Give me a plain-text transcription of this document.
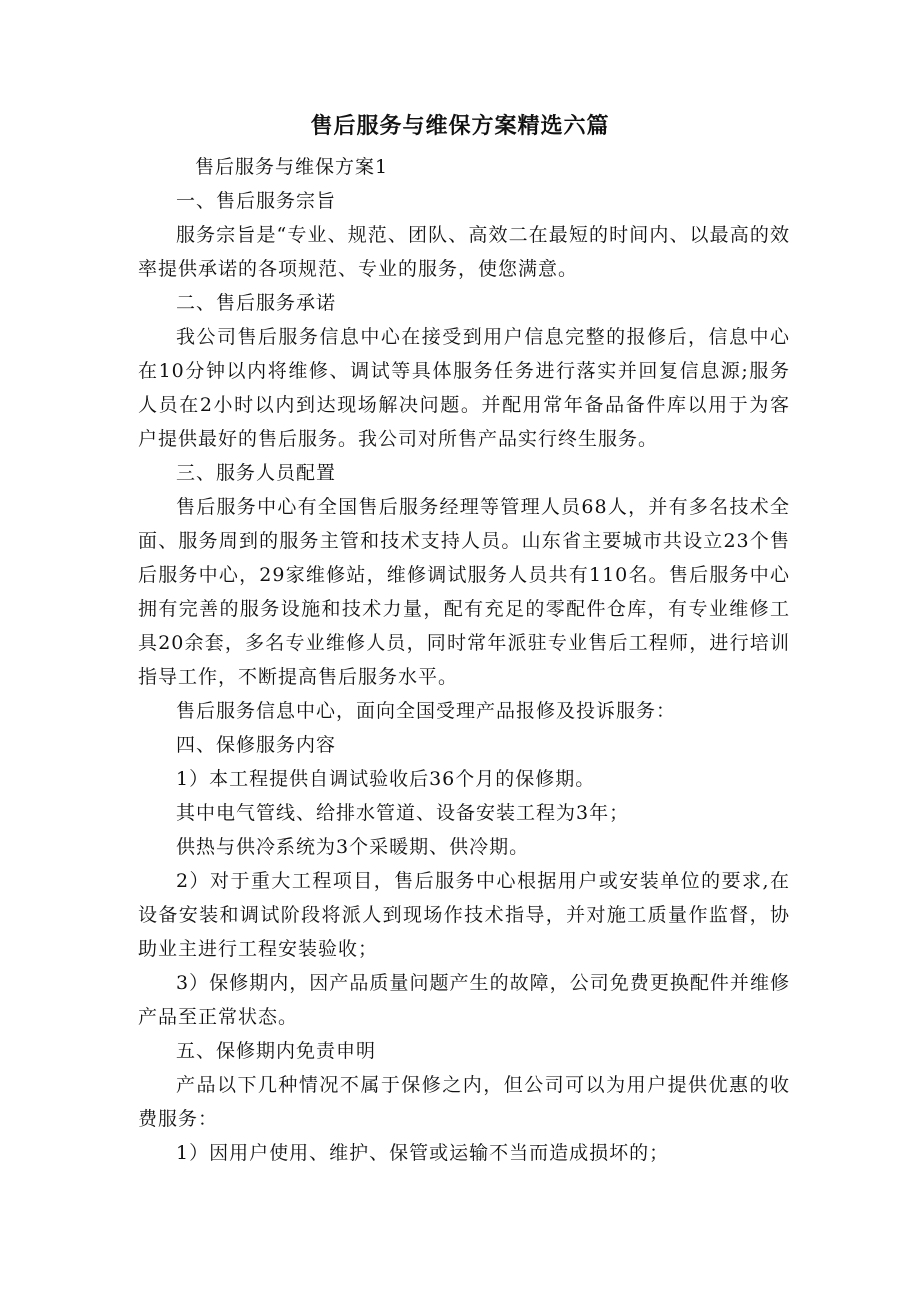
售后服务与维保方案精选六篇

售后服务与维保方案1

一、售后服务宗旨

服务宗旨是“专业、规范、团队、高效二在最短的时间内、以最高的效率提供承诺的各项规范、专业的服务，使您满意。

二、售后服务承诺

我公司售后服务信息中心在接受到用户信息完整的报修后，信息中心在10分钟以内将维修、调试等具体服务任务进行落实并回复信息源;服务人员在2小时以内到达现场解决问题。并配用常年备品备件库以用于为客户提供最好的售后服务。我公司对所售产品实行终生服务。

三、服务人员配置

售后服务中心有全国售后服务经理等管理人员68人，并有多名技术全面、服务周到的服务主管和技术支持人员。山东省主要城市共设立23个售后服务中心，29家维修站，维修调试服务人员共有110名。售后服务中心拥有完善的服务设施和技术力量，配有充足的零配件仓库，有专业维修工具20余套，多名专业维修人员，同时常年派驻专业售后工程师，进行培训指导工作，不断提高售后服务水平。

售后服务信息中心，面向全国受理产品报修及投诉服务：

四、保修服务内容

1）本工程提供自调试验收后36个月的保修期。

其中电气管线、给排水管道、设备安装工程为3年；

供热与供冷系统为3个采暖期、供冷期。

2）对于重大工程项目，售后服务中心根据用户或安装单位的要求,在设备安装和调试阶段将派人到现场作技术指导，并对施工质量作监督，协助业主进行工程安装验收；

3）保修期内，因产品质量问题产生的故障，公司免费更换配件并维修产品至正常状态。

五、保修期内免责申明

产品以下几种情况不属于保修之内，但公司可以为用户提供优惠的收费服务：

1）因用户使用、维护、保管或运输不当而造成损坏的；
